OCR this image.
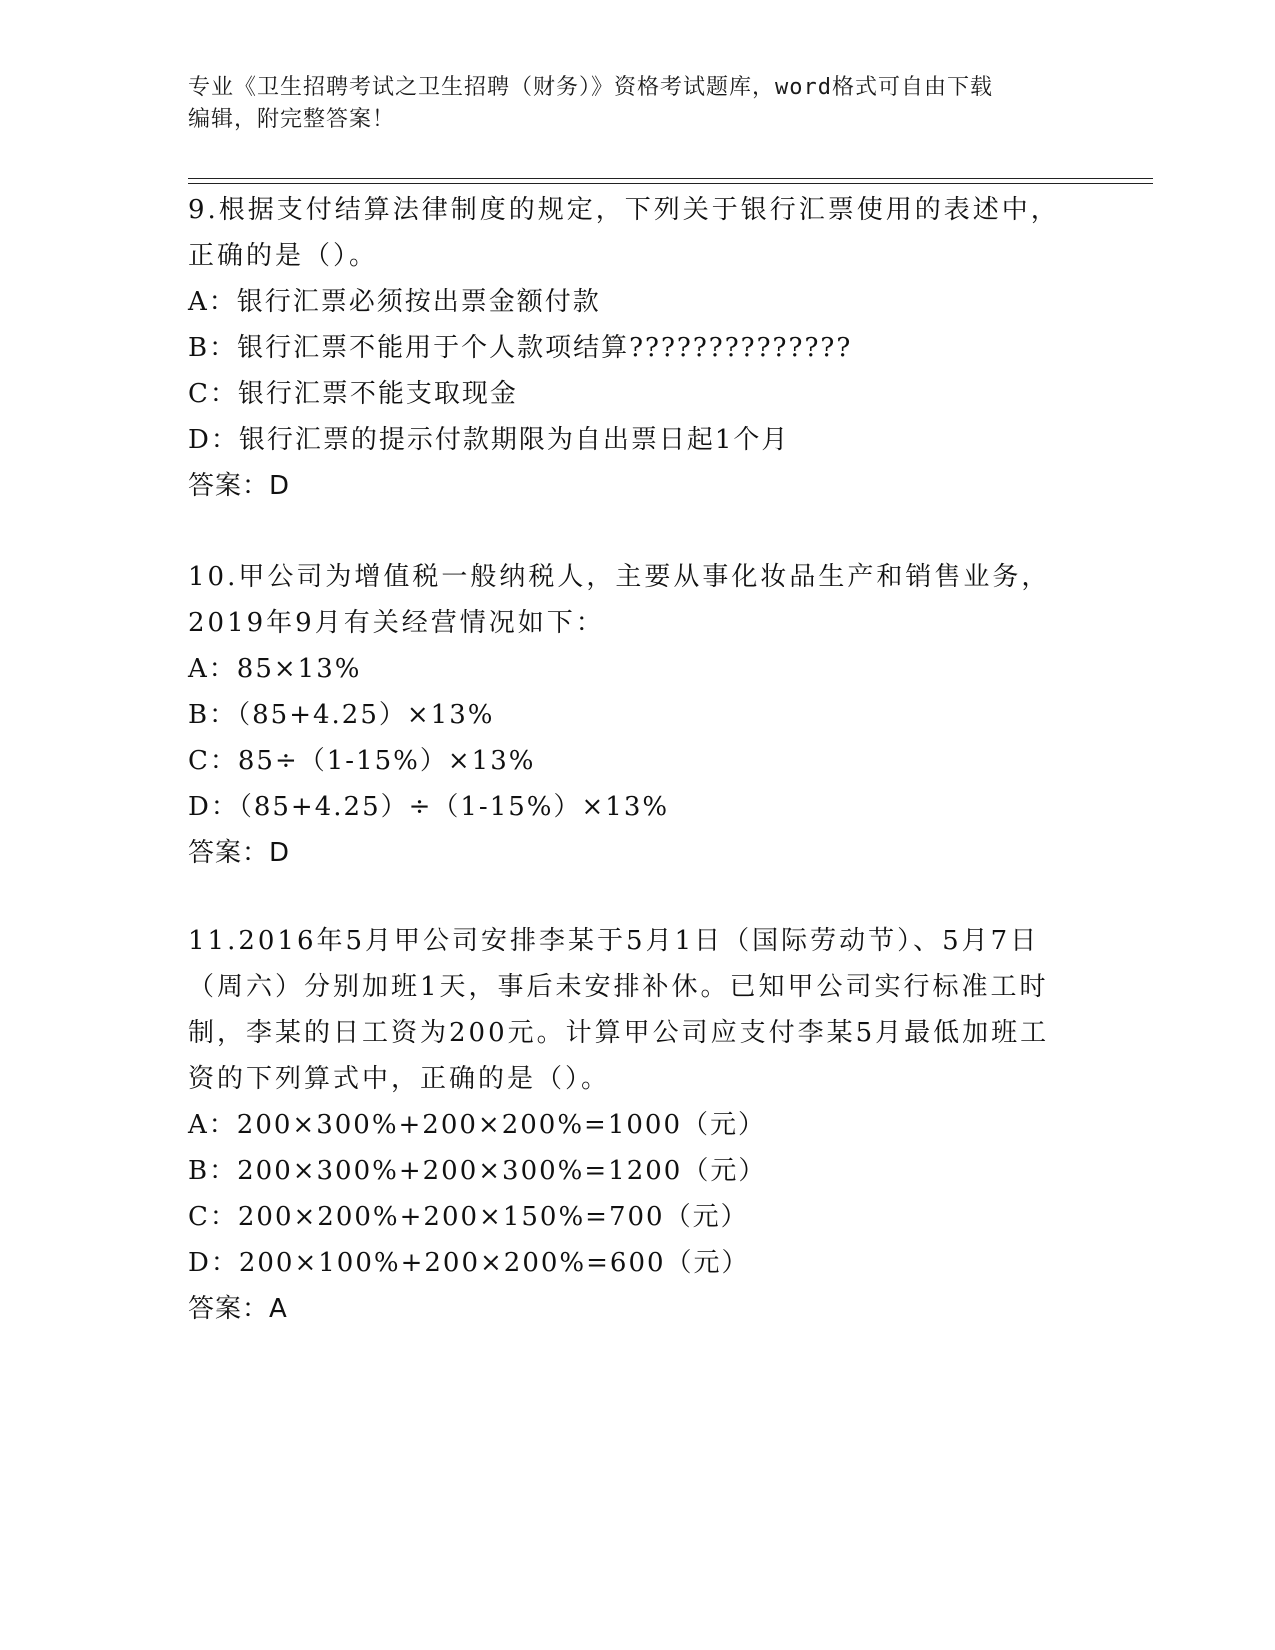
专业《卫生招聘考试之卫生招聘（财务）》资格考试题库，word格式可自由下载
编辑，附完整答案！

9.根据支付结算法律制度的规定，下列关于银行汇票使用的表述中，

正确的是（）。

A：银行汇票必须按出票金额付款

B：银行汇票不能用于个人款项结算??????????????

C：银行汇票不能支取现金

D：银行汇票的提示付款期限为自出票日起1个月

答案：D

10.甲公司为增值税一般纳税人，主要从事化妆品生产和销售业务，

2019年9月有关经营情况如下：

A：85×13%

B：（85+4.25）×13%

C：85÷（1-15%）×13%

D：（85+4.25）÷（1-15%）×13%

答案：D

11.2016年5月甲公司安排李某于5月1日（国际劳动节）、5月7日

（周六）分别加班1天，事后未安排补休。已知甲公司实行标准工时

制，李某的日工资为200元。计算甲公司应支付李某5月最低加班工

资的下列算式中，正确的是（）。

A：200×300%+200×200%=1000（元）

B：200×300%+200×300%=1200（元）

C：200×200%+200×150%=700（元）

D：200×100%+200×200%=600（元）

答案：A
